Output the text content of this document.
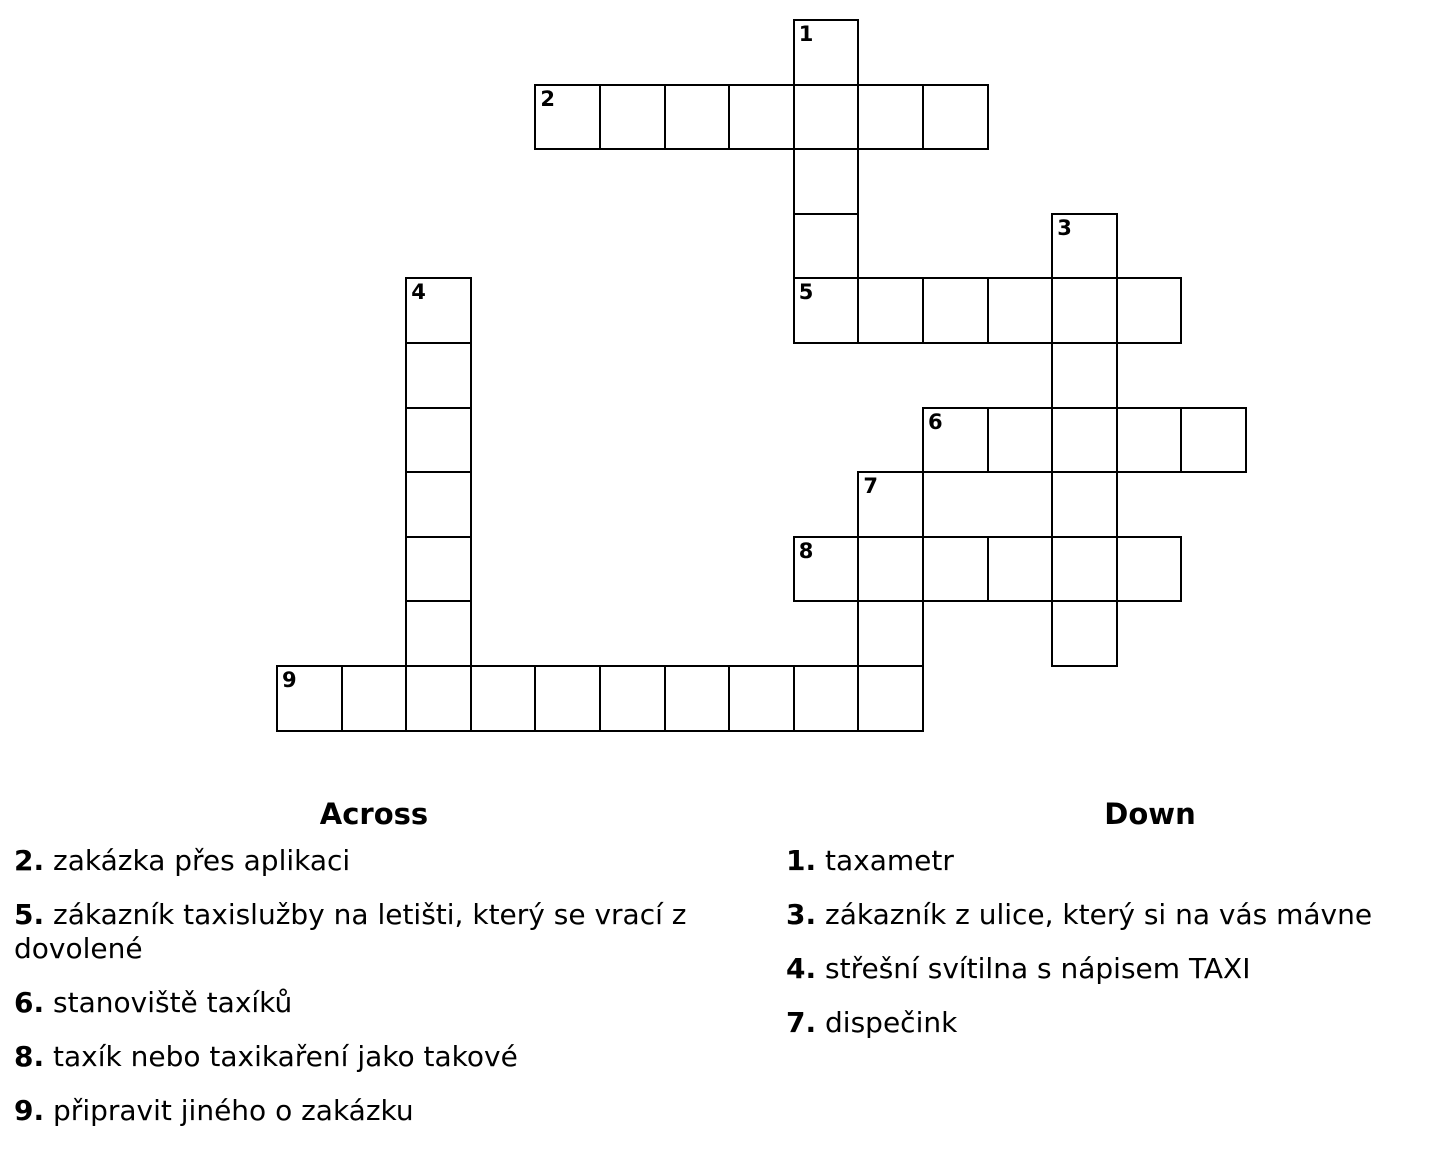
1
5
2
3
4
6
7
8
9
Across	Down
2. zakázka přes aplikaci
5. zákazník taxislužby na letišti, který se vrací z dovolené
6. stanoviště taxíků
8. taxík nebo taxikaření jako takové
9. připravit jiného o zakázku
1. taxametr
3. zákazník z ulice, který si na vás mávne
4. střešní svítilna s nápisem TAXI
7. dispečink
